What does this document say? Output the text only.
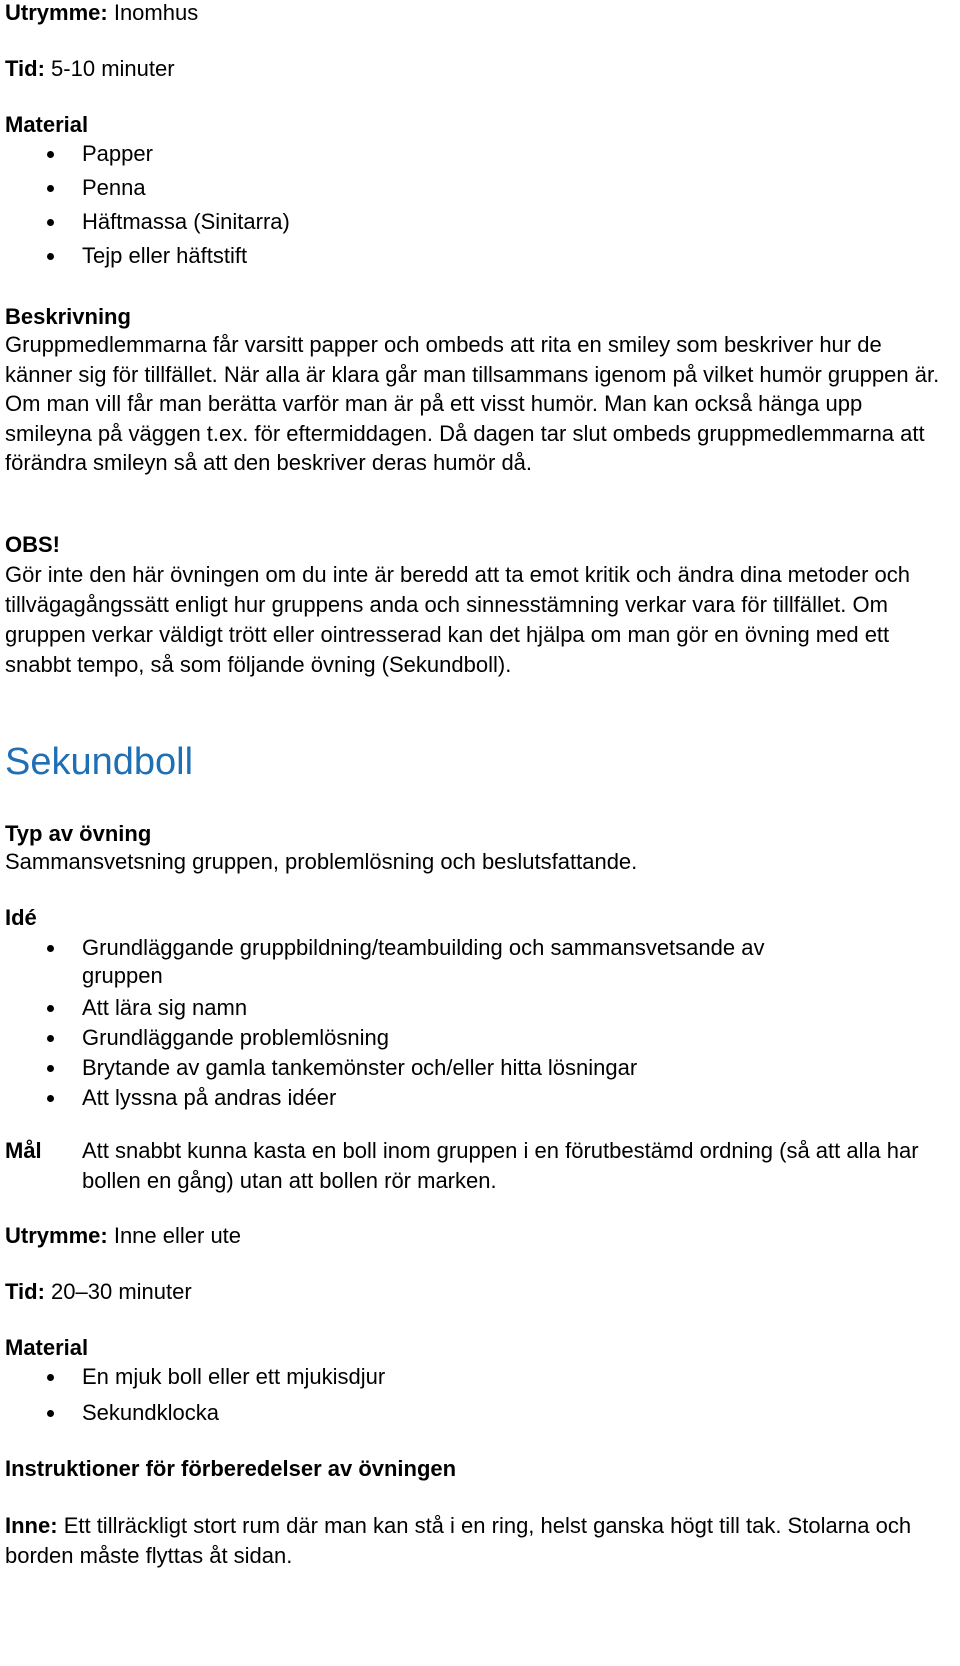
Utrymme: Inomhus
Tid: 5-10 minuter
Material
Papper
Penna
Häftmassa (Sinitarra)
Tejp eller häftstift
Beskrivning
Gruppmedlemmarna får varsitt papper och ombeds att rita en smiley som beskriver hur de känner sig för tillfället. När alla är klara går man tillsammans igenom på vilket humör gruppen är. Om man vill får man berätta varför man är på ett visst humör. Man kan också hänga upp smileyna på väggen t.ex. för eftermiddagen. Då dagen tar slut ombeds gruppmedlemmarna att förändra smileyn så att den beskriver deras humör då.
OBS!
Gör inte den här övningen om du inte är beredd att ta emot kritik och ändra dina metoder och tillvägagångssätt enligt hur gruppens anda och sinnesstämning verkar vara för tillfället. Om gruppen verkar väldigt trött eller ointresserad kan det hjälpa om man gör en övning med ett snabbt tempo, så som följande övning (Sekundboll).
Sekundboll
Typ av övning
Sammansvetsning gruppen, problemlösning och beslutsfattande.
Idé
Grundläggande gruppbildning/teambuilding och sammansvetsande av
gruppen
Att lära sig namn
Grundläggande problemlösning
Brytande av gamla tankemönster och/eller hitta lösningar
Att lyssna på andras idéer
Mål Att snabbt kunna kasta en boll inom gruppen i en förutbestämd ordning (så att alla har bollen en gång) utan att bollen rör marken.
Utrymme: Inne eller ute
Tid: 20–30 minuter
Material
En mjuk boll eller ett mjukisdjur
Sekundklocka
Instruktioner för förberedelser av övningen
Inne: Ett tillräckligt stort rum där man kan stå i en ring, helst ganska högt till tak. Stolarna och borden måste flyttas åt sidan.
